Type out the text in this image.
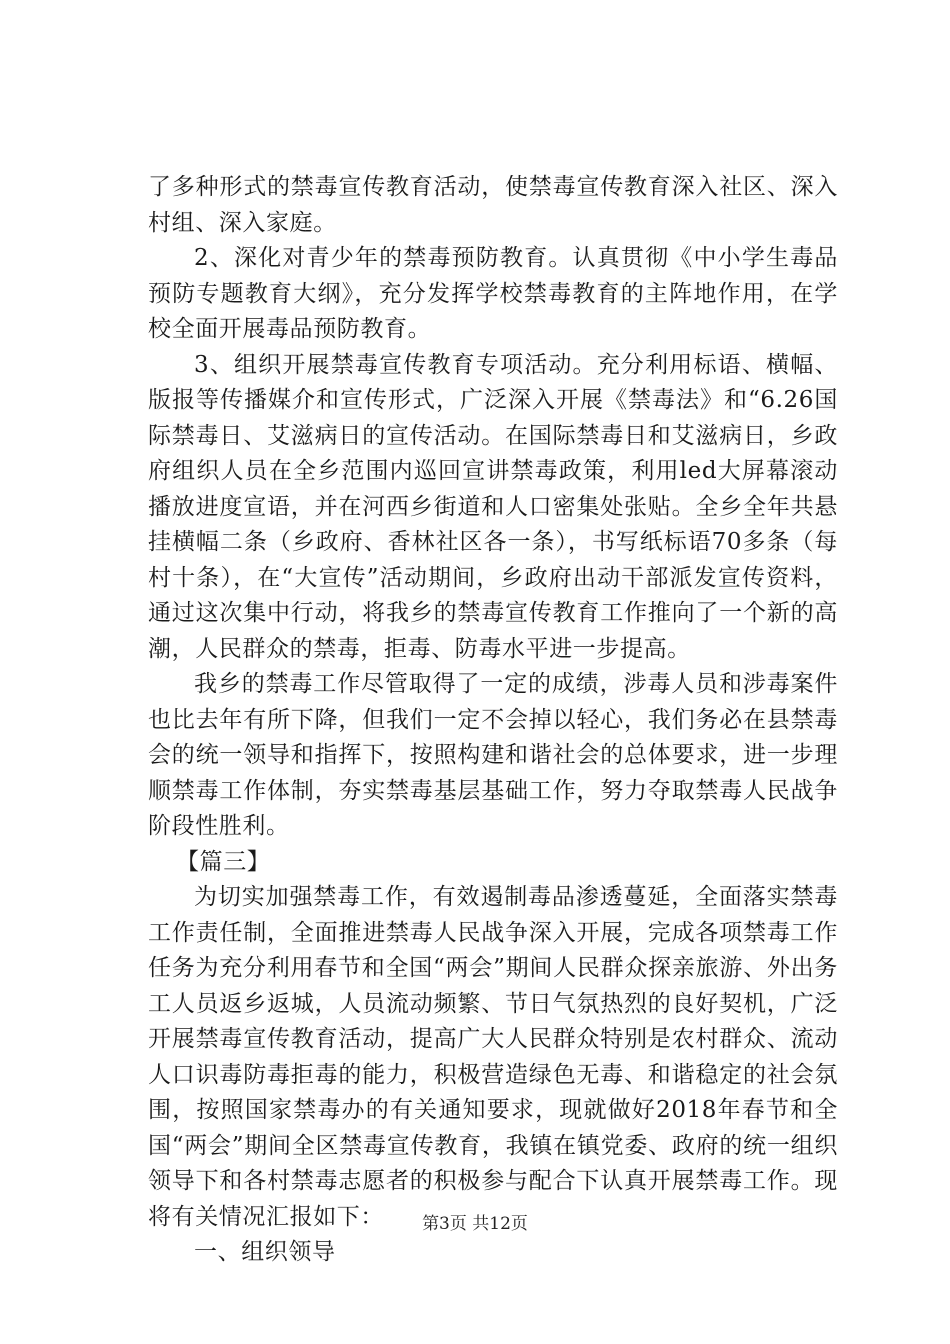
了多种形式的禁毒宣传教育活动，使禁毒宣传教育深入社区、深入村组、深入家庭。

2、深化对青少年的禁毒预防教育。认真贯彻《中小学生毒品预防专题教育大纲》，充分发挥学校禁毒教育的主阵地作用，在学校全面开展毒品预防教育。

3、组织开展禁毒宣传教育专项活动。充分利用标语、横幅、版报等传播媒介和宣传形式，广泛深入开展《禁毒法》和“6.26国际禁毒日、艾滋病日的宣传活动。在国际禁毒日和艾滋病日，乡政府组织人员在全乡范围内巡回宣讲禁毒政策，利用led大屏幕滚动播放进度宣语，并在河西乡街道和人口密集处张贴。全乡全年共悬挂横幅二条（乡政府、香林社区各一条），书写纸标语70多条（每村十条），在“大宣传”活动期间，乡政府出动干部派发宣传资料，通过这次集中行动，将我乡的禁毒宣传教育工作推向了一个新的高潮，人民群众的禁毒，拒毒、防毒水平进一步提高。

我乡的禁毒工作尽管取得了一定的成绩，涉毒人员和涉毒案件也比去年有所下降，但我们一定不会掉以轻心，我们务必在县禁毒会的统一领导和指挥下，按照构建和谐社会的总体要求，进一步理顺禁毒工作体制，夯实禁毒基层基础工作，努力夺取禁毒人民战争阶段性胜利。

【篇三】

为切实加强禁毒工作，有效遏制毒品渗透蔓延，全面落实禁毒工作责任制，全面推进禁毒人民战争深入开展，完成各项禁毒工作任务为充分利用春节和全国“两会”期间人民群众探亲旅游、外出务工人员返乡返城，人员流动频繁、节日气氛热烈的良好契机，广泛开展禁毒宣传教育活动，提高广大人民群众特别是农村群众、流动人口识毒防毒拒毒的能力，积极营造绿色无毒、和谐稳定的社会氛围，按照国家禁毒办的有关通知要求，现就做好2018年春节和全国“两会”期间全区禁毒宣传教育，我镇在镇党委、政府的统一组织领导下和各村禁毒志愿者的积极参与配合下认真开展禁毒工作。现将有关情况汇报如下：

一、组织领导

第3页 共12页
